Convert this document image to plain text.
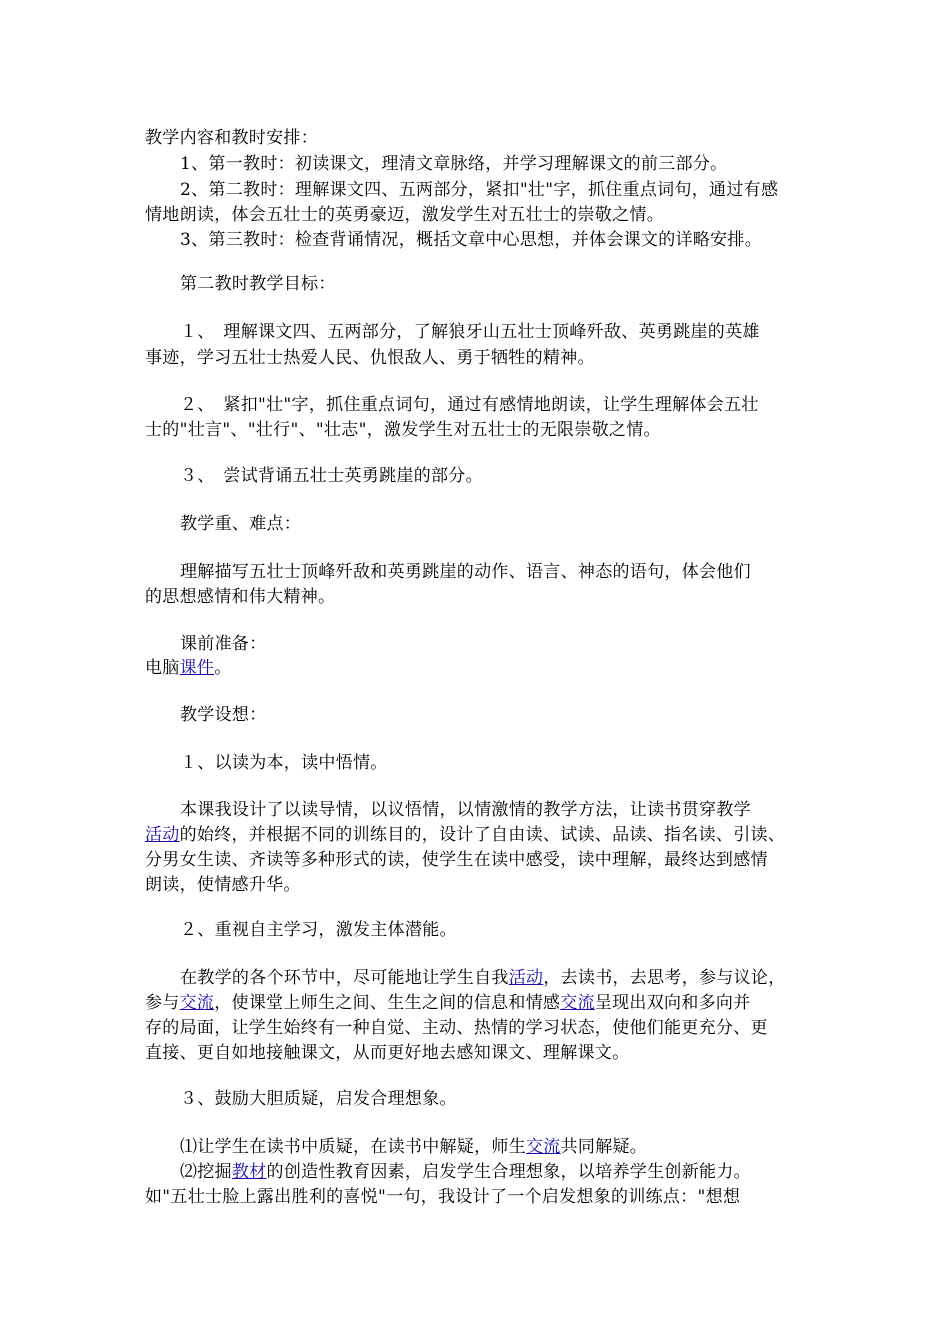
教学内容和教时安排：
1、第一教时：初读课文，理清文章脉络，并学习理解课文的前三部分。
2、第二教时：理解课文四、五两部分，紧扣"壮"字，抓住重点词句，通过有感
情地朗读，体会五壮士的英勇豪迈，激发学生对五壮士的崇敬之情。
3、第三教时：检查背诵情况，概括文章中心思想，并体会课文的详略安排。
第二教时教学目标：
１、　理解课文四、五两部分，了解狼牙山五壮士顶峰歼敌、英勇跳崖的英雄
事迹，学习五壮士热爱人民、仇恨敌人、勇于牺牲的精神。
２、　紧扣"壮"字，抓住重点词句，通过有感情地朗读，让学生理解体会五壮
士的"壮言"、"壮行"、"壮志"，激发学生对五壮士的无限崇敬之情。
３、　尝试背诵五壮士英勇跳崖的部分。
教学重、难点：
理解描写五壮士顶峰歼敌和英勇跳崖的动作、语言、神态的语句，体会他们
的思想感情和伟大精神。
课前准备：
电脑课件。
教学设想：
１、以读为本，读中悟情。
本课我设计了以读导情，以议悟情，以情激情的教学方法，让读书贯穿教学
活动的始终，并根据不同的训练目的，设计了自由读、试读、品读、指名读、引读、
分男女生读、齐读等多种形式的读，使学生在读中感受，读中理解，最终达到感情
朗读，使情感升华。
２、重视自主学习，激发主体潜能。
在教学的各个环节中，尽可能地让学生自我活动，去读书，去思考，参与议论，
参与交流，使课堂上师生之间、生生之间的信息和情感交流呈现出双向和多向并
存的局面，让学生始终有一种自觉、主动、热情的学习状态，使他们能更充分、更
直接、更自如地接触课文，从而更好地去感知课文、理解课文。
３、鼓励大胆质疑，启发合理想象。
⑴让学生在读书中质疑，在读书中解疑，师生交流共同解疑。
⑵挖掘教材的创造性教育因素，启发学生合理想象，以培养学生创新能力。
如"五壮士脸上露出胜利的喜悦"一句，我设计了一个启发想象的训练点："想想
